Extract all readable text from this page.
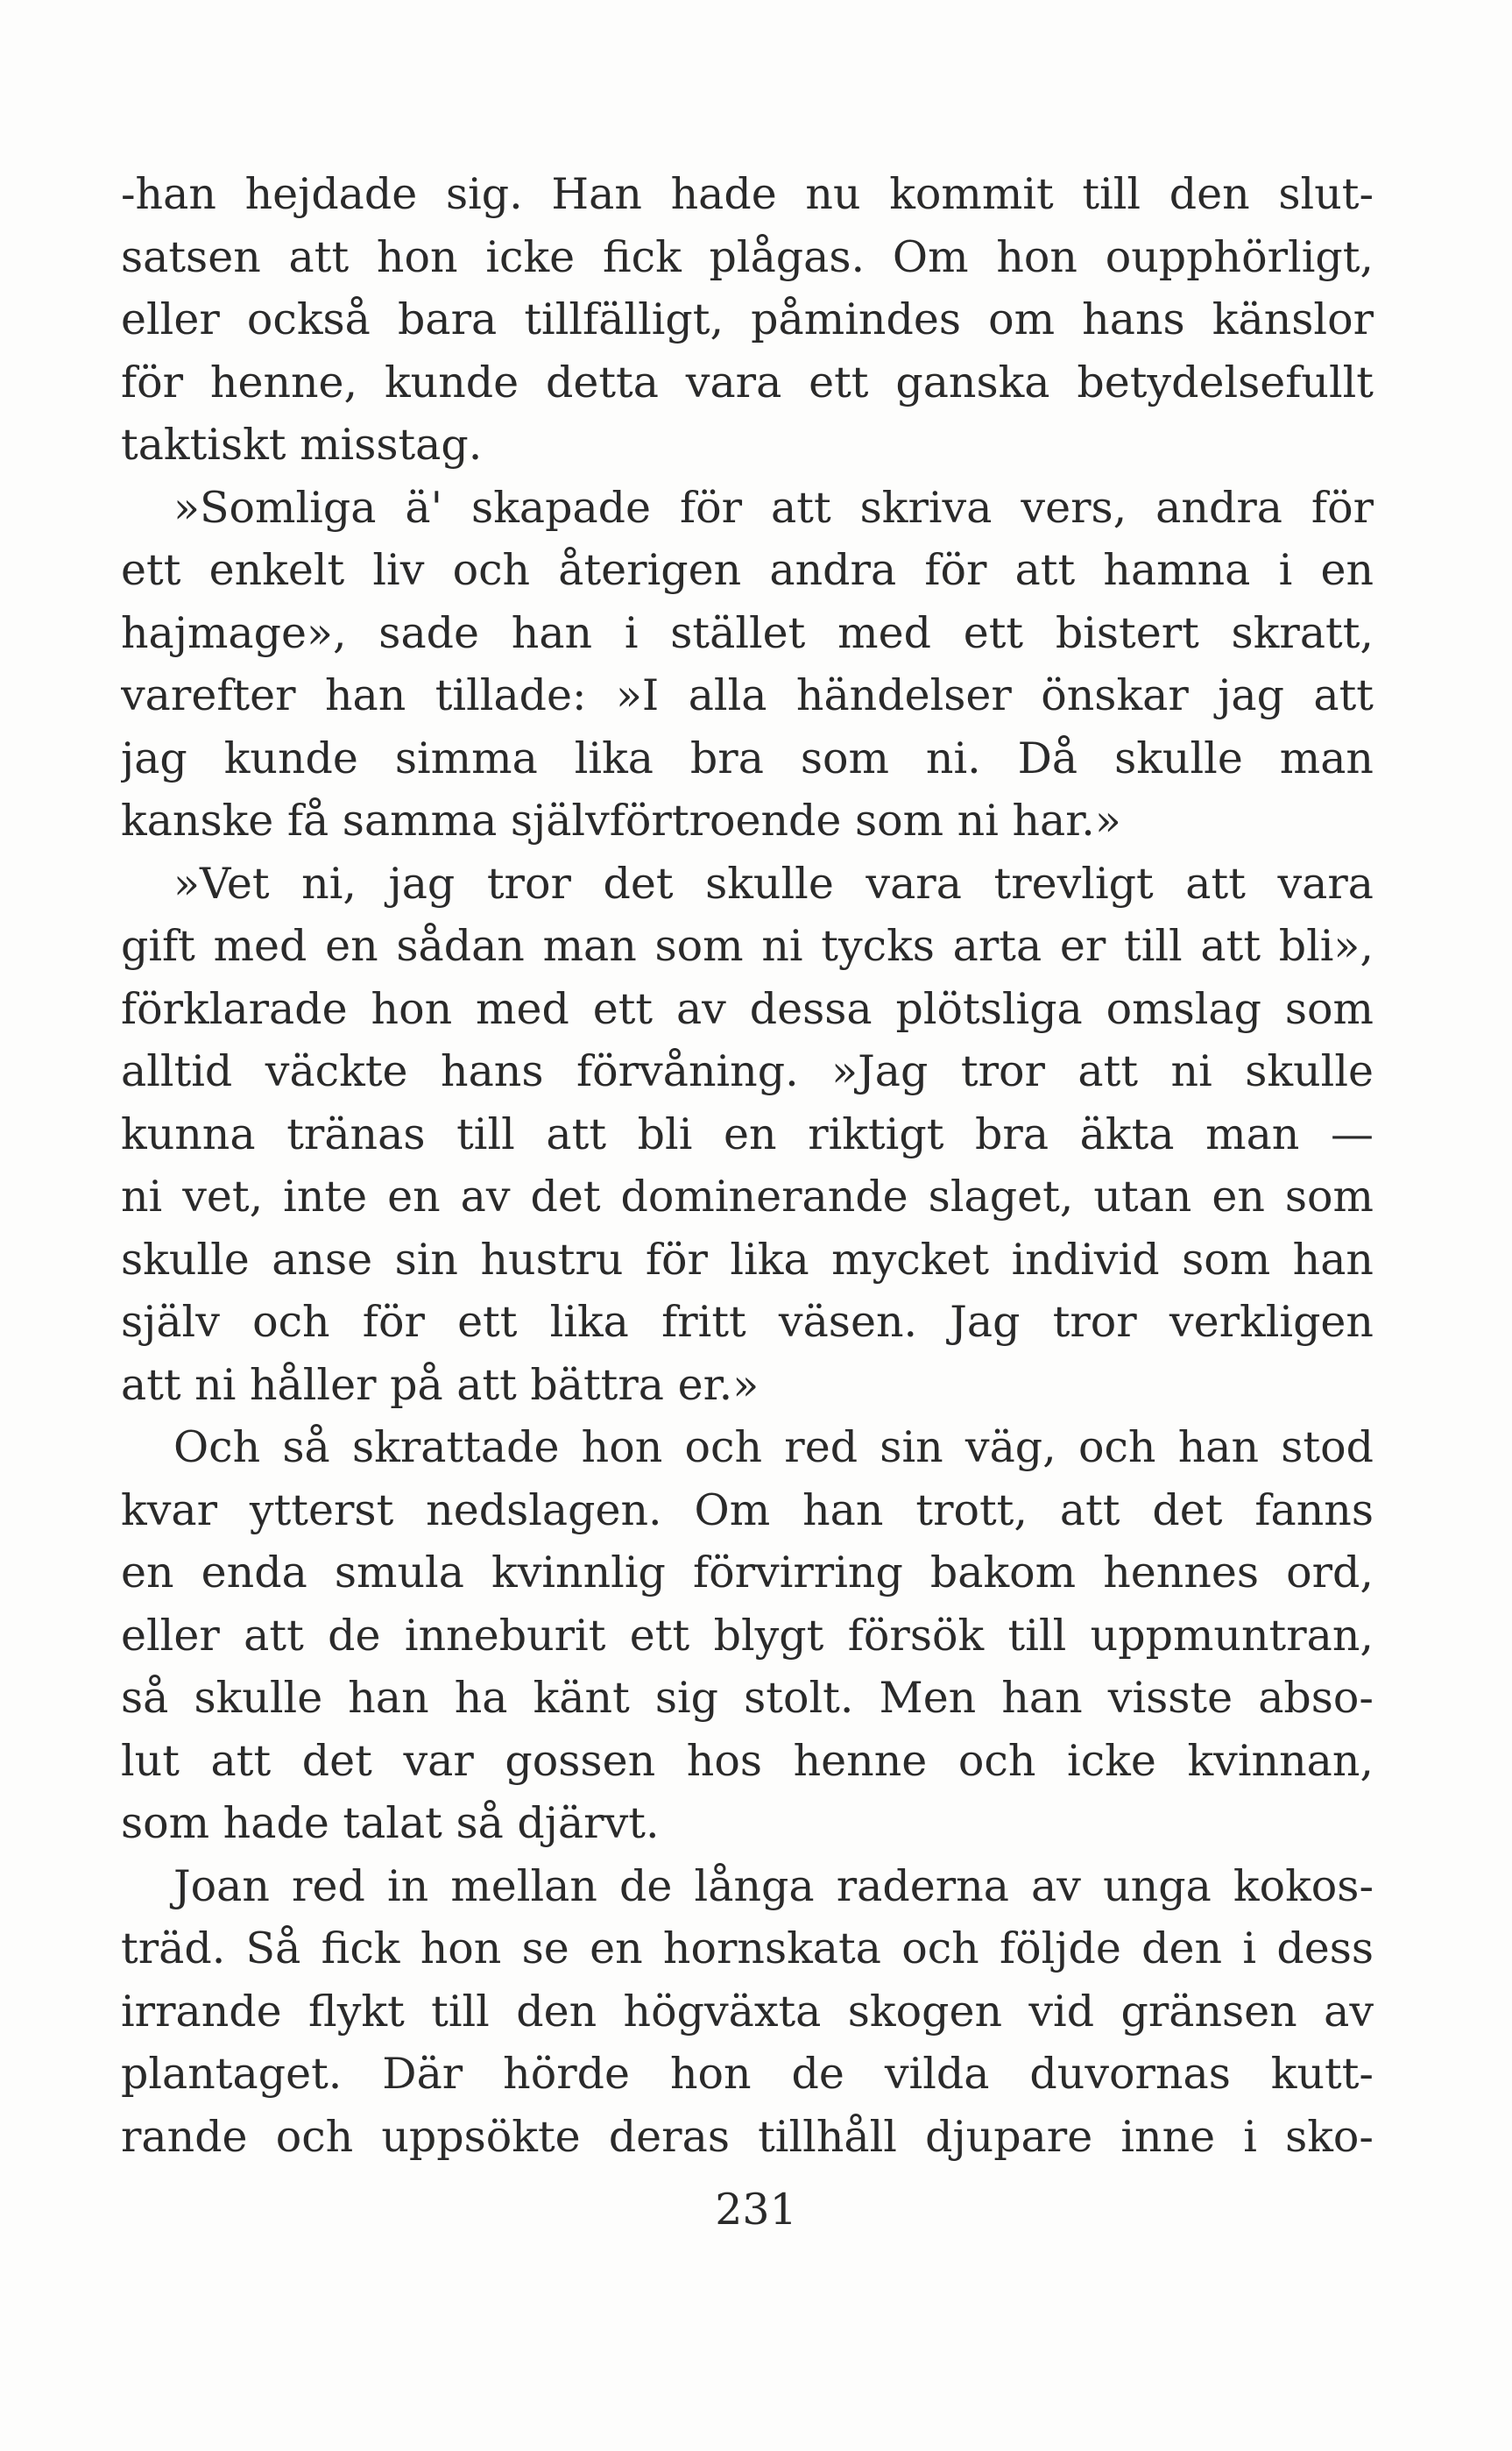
-han hejdade sig. Han hade nu kommit till den slut-
satsen att hon icke fick plågas. Om hon oupphörligt,
eller också bara tillfälligt, påmindes om hans känslor
för henne, kunde detta vara ett ganska betydelsefullt
taktiskt misstag.
»Somliga ä' skapade för att skriva vers, andra för
ett enkelt liv och återigen andra för att hamna i en
hajmage», sade han i stället med ett bistert skratt,
varefter han tillade: »I alla händelser önskar jag att
jag kunde simma lika bra som ni. Då skulle man
kanske få samma självförtroende som ni har.»
»Vet ni, jag tror det skulle vara trevligt att vara
gift med en sådan man som ni tycks arta er till att bli»,
förklarade hon med ett av dessa plötsliga omslag som
alltid väckte hans förvåning. »Jag tror att ni skulle
kunna tränas till att bli en riktigt bra äkta man —
ni vet, inte en av det dominerande slaget, utan en som
skulle anse sin hustru för lika mycket individ som han
själv och för ett lika fritt väsen. Jag tror verkligen
att ni håller på att bättra er.»
Och så skrattade hon och red sin väg, och han stod
kvar ytterst nedslagen. Om han trott, att det fanns
en enda smula kvinnlig förvirring bakom hennes ord,
eller att de inneburit ett blygt försök till uppmuntran,
så skulle han ha känt sig stolt. Men han visste abso-
lut att det var gossen hos henne och icke kvinnan,
som hade talat så djärvt.
Joan red in mellan de långa raderna av unga kokos-
träd. Så fick hon se en hornskata och följde den i dess
irrande flykt till den högväxta skogen vid gränsen av
plantaget. Där hörde hon de vilda duvornas kutt-
rande och uppsökte deras tillhåll djupare inne i sko-
231
